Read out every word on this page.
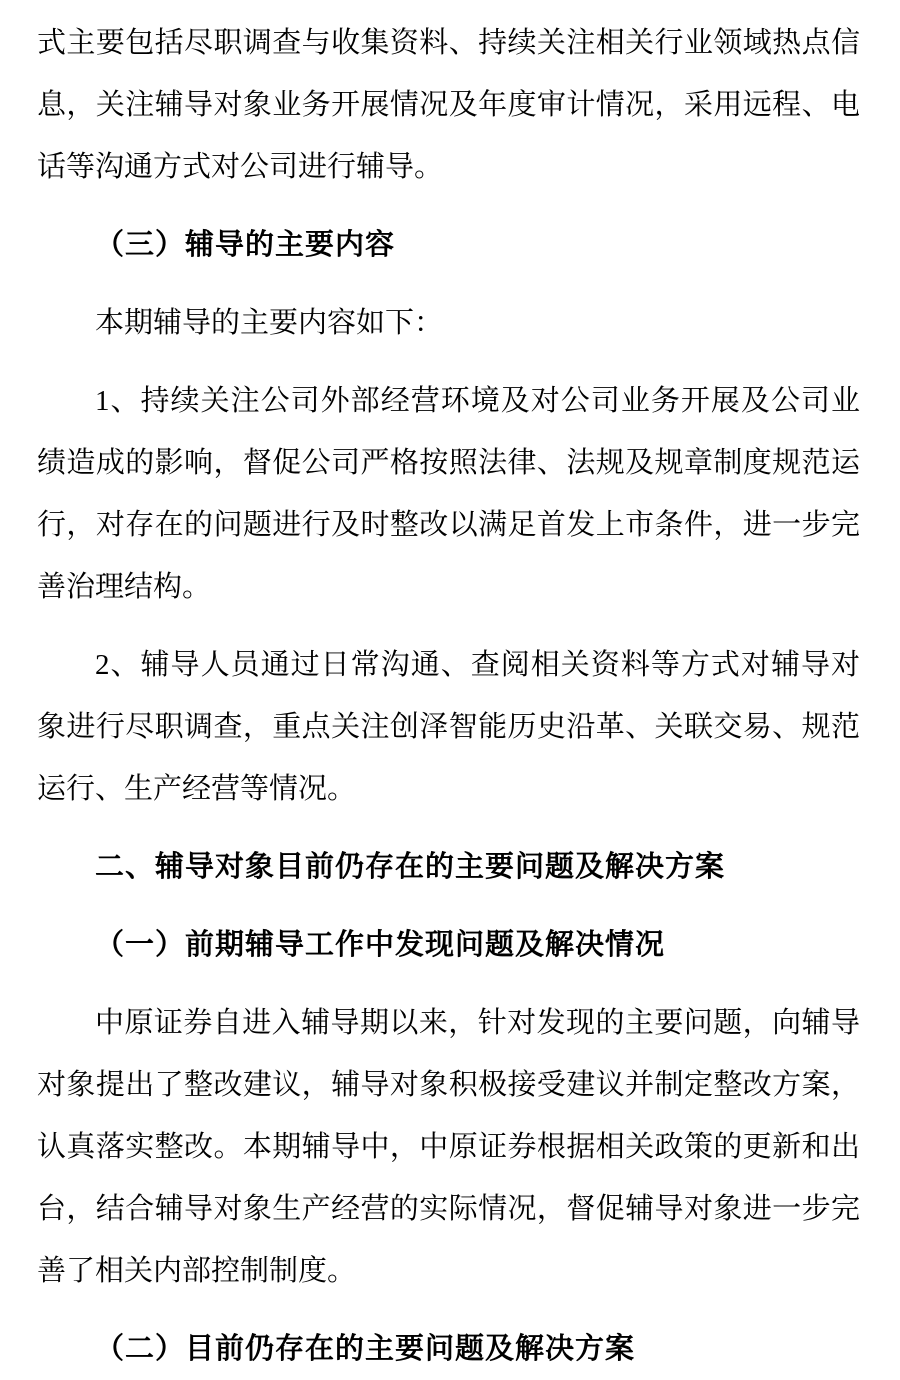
式主要包括尽职调查与收集资料、持续关注相关行业领域热点信息，关注辅导对象业务开展情况及年度审计情况，采用远程、电话等沟通方式对公司进行辅导。

（三）辅导的主要内容

本期辅导的主要内容如下：

1、持续关注公司外部经营环境及对公司业务开展及公司业绩造成的影响，督促公司严格按照法律、法规及规章制度规范运行，对存在的问题进行及时整改以满足首发上市条件，进一步完善治理结构。

2、辅导人员通过日常沟通、查阅相关资料等方式对辅导对象进行尽职调查，重点关注创泽智能历史沿革、关联交易、规范运行、生产经营等情况。

二、辅导对象目前仍存在的主要问题及解决方案

（一）前期辅导工作中发现问题及解决情况

中原证券自进入辅导期以来，针对发现的主要问题，向辅导对象提出了整改建议，辅导对象积极接受建议并制定整改方案，认真落实整改。本期辅导中，中原证券根据相关政策的更新和出台，结合辅导对象生产经营的实际情况，督促辅导对象进一步完善了相关内部控制制度。

（二）目前仍存在的主要问题及解决方案
